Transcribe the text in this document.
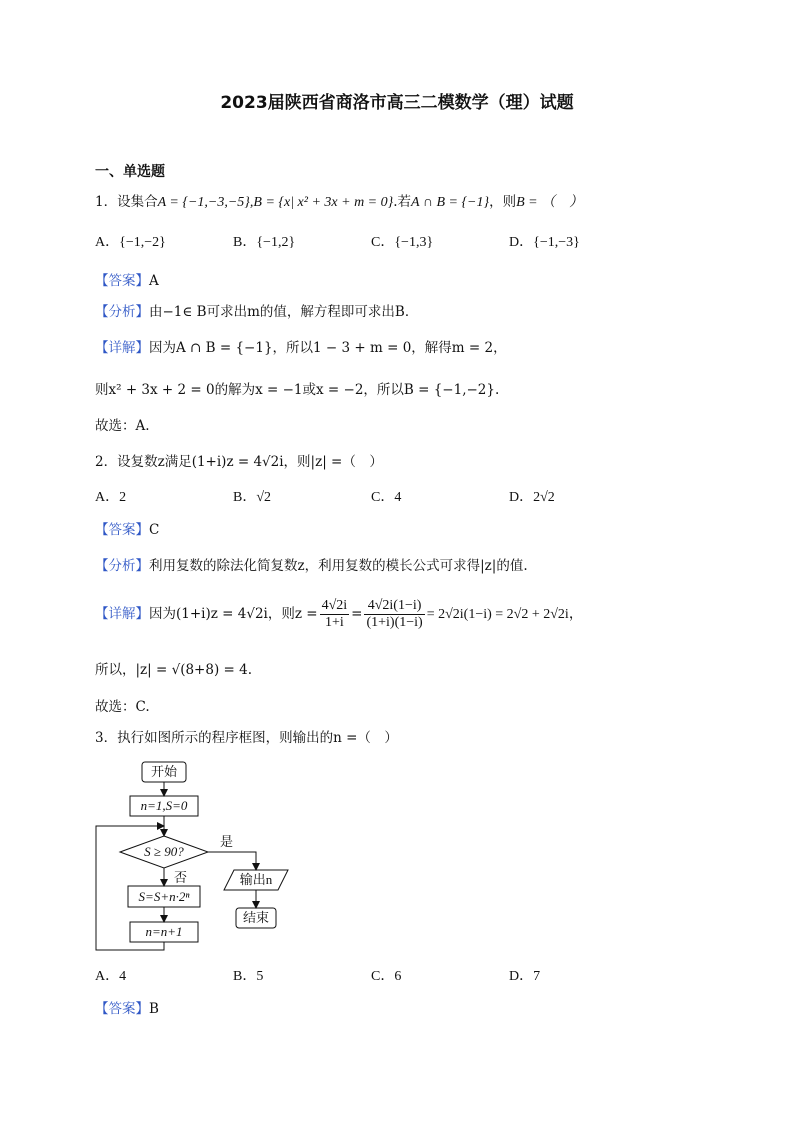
2023届陕西省商洛市高三二模数学（理）试题
一、单选题
1．设集合A = {−1,−3,−5},B = {x| x² + 3x + m = 0}.若A ∩ B = {−1}，则B = （　）
A．{−1,−2}	B．{−1,2}	C．{−1,3}	D．{−1,−3}
【答案】A
【分析】由−1∈ B可求出m的值，解方程即可求出B．
【详解】因为A ∩ B = {−1}，所以1 − 3 + m = 0，解得m = 2，
则x² + 3x + 2 = 0的解为x = −1或x = −2，所以B = {−1,−2}.
故选：A.
2．设复数z满足(1+i)z = 4√2i，则|z| =（　）
A．2	B．√2	C．4	D．2√2
【答案】C
【分析】利用复数的除法化简复数z，利用复数的模长公式可求得|z|的值.
【详解】因为(1+i)z = 4√2i，则$z = \frac{4√2i}{1+i} = \frac{4√2i(1-i)}{(1+i)(1-i)} = 2√2i(1-i) = 2√2 + 2√2i$，
所以，|z| = √(8+8) = 4.
故选：C.
3．执行如图所示的程序框图，则输出的n =（　）
开始
n=1,S=0
S ≥ 90?
是
输出n
结束
否
S=S+n·2ⁿ
n=n+1
A．4	B．5	C．6	D．7
【答案】B
